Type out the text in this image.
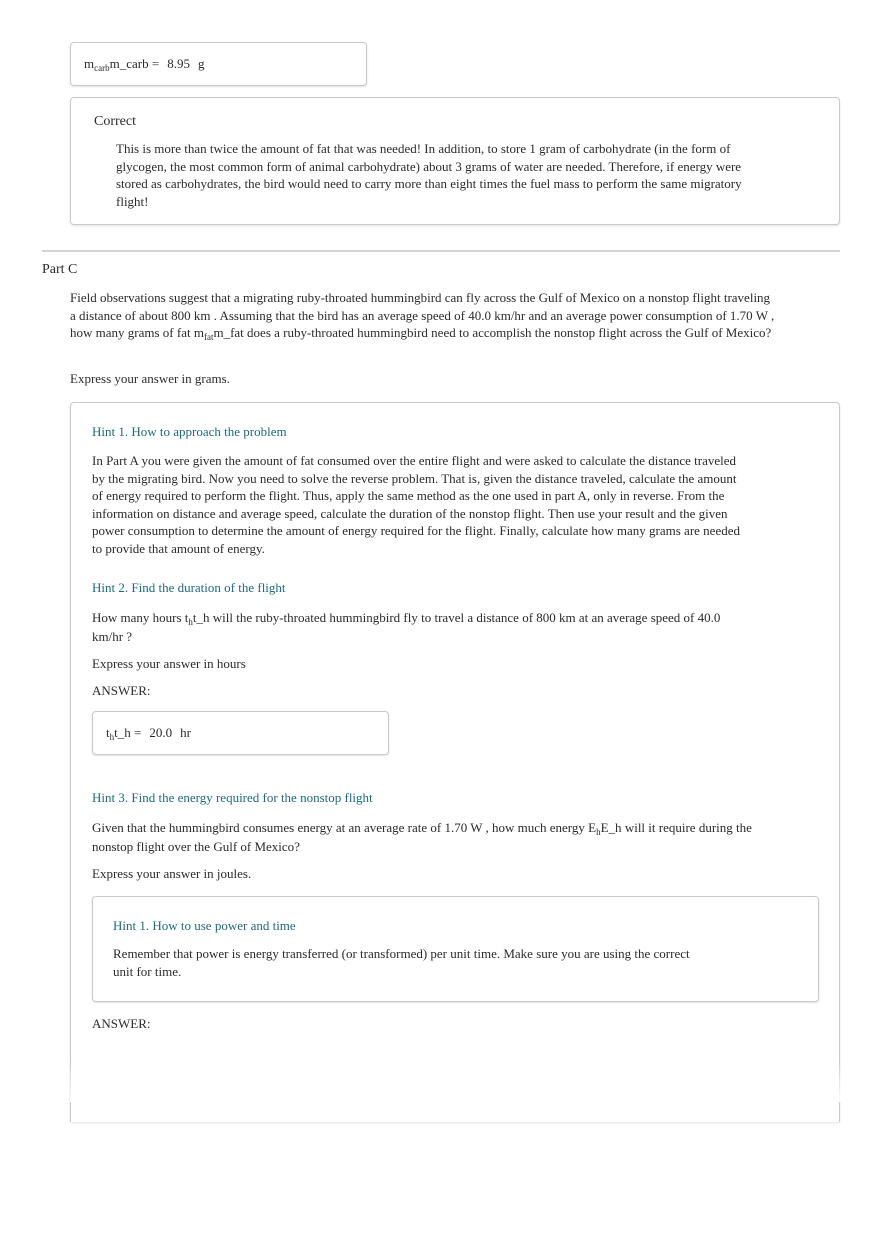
$m_{carb}m\_carb = 8.95$ g
Correct
This is more than twice the amount of fat that was needed! In addition, to store 1 gram of carbohydrate (in the form of glycogen, the most common form of animal carbohydrate) about 3 grams of water are needed. Therefore, if energy were stored as carbohydrates, the bird would need to carry more than eight times the fuel mass to perform the same migratory flight!
Part C
Field observations suggest that a migrating ruby-throated hummingbird can fly across the Gulf of Mexico on a nonstop flight traveling a distance of about 800 km . Assuming that the bird has an average speed of 40.0 km/hr and an average power consumption of 1.70 W , how many grams of fat $m_{fat}m\_fat$ does a ruby-throated hummingbird need to accomplish the nonstop flight across the Gulf of Mexico?
Express your answer in grams.
Hint 1. How to approach the problem
In Part A you were given the amount of fat consumed over the entire flight and were asked to calculate the distance traveled by the migrating bird. Now you need to solve the reverse problem. That is, given the distance traveled, calculate the amount of energy required to perform the flight. Thus, apply the same method as the one used in part A, only in reverse. From the information on distance and average speed, calculate the duration of the nonstop flight. Then use your result and the given power consumption to determine the amount of energy required for the flight. Finally, calculate how many grams are needed to provide that amount of energy.
Hint 2. Find the duration of the flight
How many hours $t_ht\_h$ will the ruby-throated hummingbird fly to travel a distance of 800 km at an average speed of 40.0 km/hr ?
Express your answer in hours
ANSWER:
$t_ht\_h = 20.0$ hr
Hint 3. Find the energy required for the nonstop flight
Given that the hummingbird consumes energy at an average rate of 1.70 W , how much energy $E_hE\_h$ will it require during the nonstop flight over the Gulf of Mexico?
Express your answer in joules.
Hint 1. How to use power and time
Remember that power is energy transferred (or transformed) per unit time. Make sure you are using the correct unit for time.
ANSWER:
